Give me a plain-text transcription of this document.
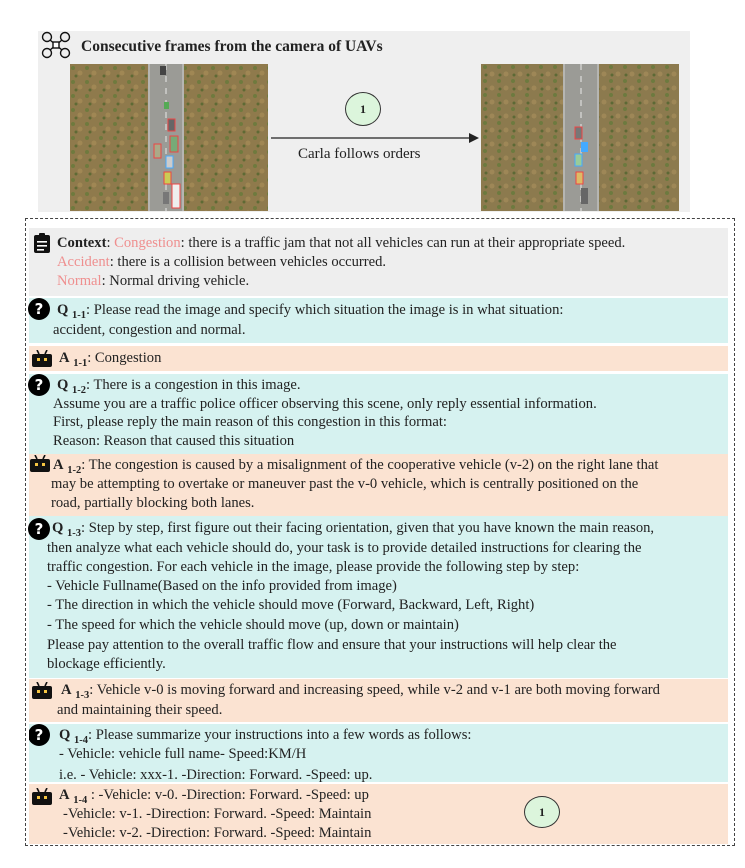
Consecutive frames from the camera of UAVs
1
Carla follows orders
Context: Congestion: there is a traffic jam that not all vehicles can run at their appropriate speed.
Accident: there is a collision between vehicles occurred.
Normal: Normal driving vehicle.
? Q $_{1-1}$: Please read the image and specify which situation the image is in what situation:
accident, congestion and normal.
A $_{1-1}$: Congestion
? Q $_{1-2}$: There is a congestion in this image.
Assume you are a traffic police officer observing this scene, only reply essential information.
First, please reply the main reason of this congestion in this format:
Reason: Reason that caused this situation
A $_{1-2}$: The congestion is caused by a misalignment of the cooperative vehicle (v-2) on the right lane that
may be attempting to overtake or maneuver past the v-0 vehicle, which is centrally positioned on the
road, partially blocking both lanes.
? Q $_{1-3}$: Step by step, first figure out their facing orientation, given that you have known the main reason,
then analyze what each vehicle should do, your task is to provide detailed instructions for clearing the
traffic congestion. For each vehicle in the image, please provide the following step by step:
- Vehicle Fullname(Based on the info provided from image)
- The direction in which the vehicle should move (Forward, Backward, Left, Right)
- The speed for which the vehicle should move (up, down or maintain)
Please pay attention to the overall traffic flow and ensure that your instructions will help clear the
blockage efficiently.
A $_{1-3}$: Vehicle v-0 is moving forward and increasing speed, while v-2 and v-1 are both moving forward
and maintaining their speed.
?	Q $_{1-4}$: Please summarize your instructions into a few words as follows:
- Vehicle: vehicle full name- Speed:KM/H
i.e. - Vehicle: xxx-1. -Direction: Forward. -Speed: up.
A $_{1-4}$ : -Vehicle: v-0. -Direction: Forward. -Speed: up
-Vehicle: v-1. -Direction: Forward. -Speed: Maintain
-Vehicle: v-2. -Direction: Forward. -Speed: Maintain
1
